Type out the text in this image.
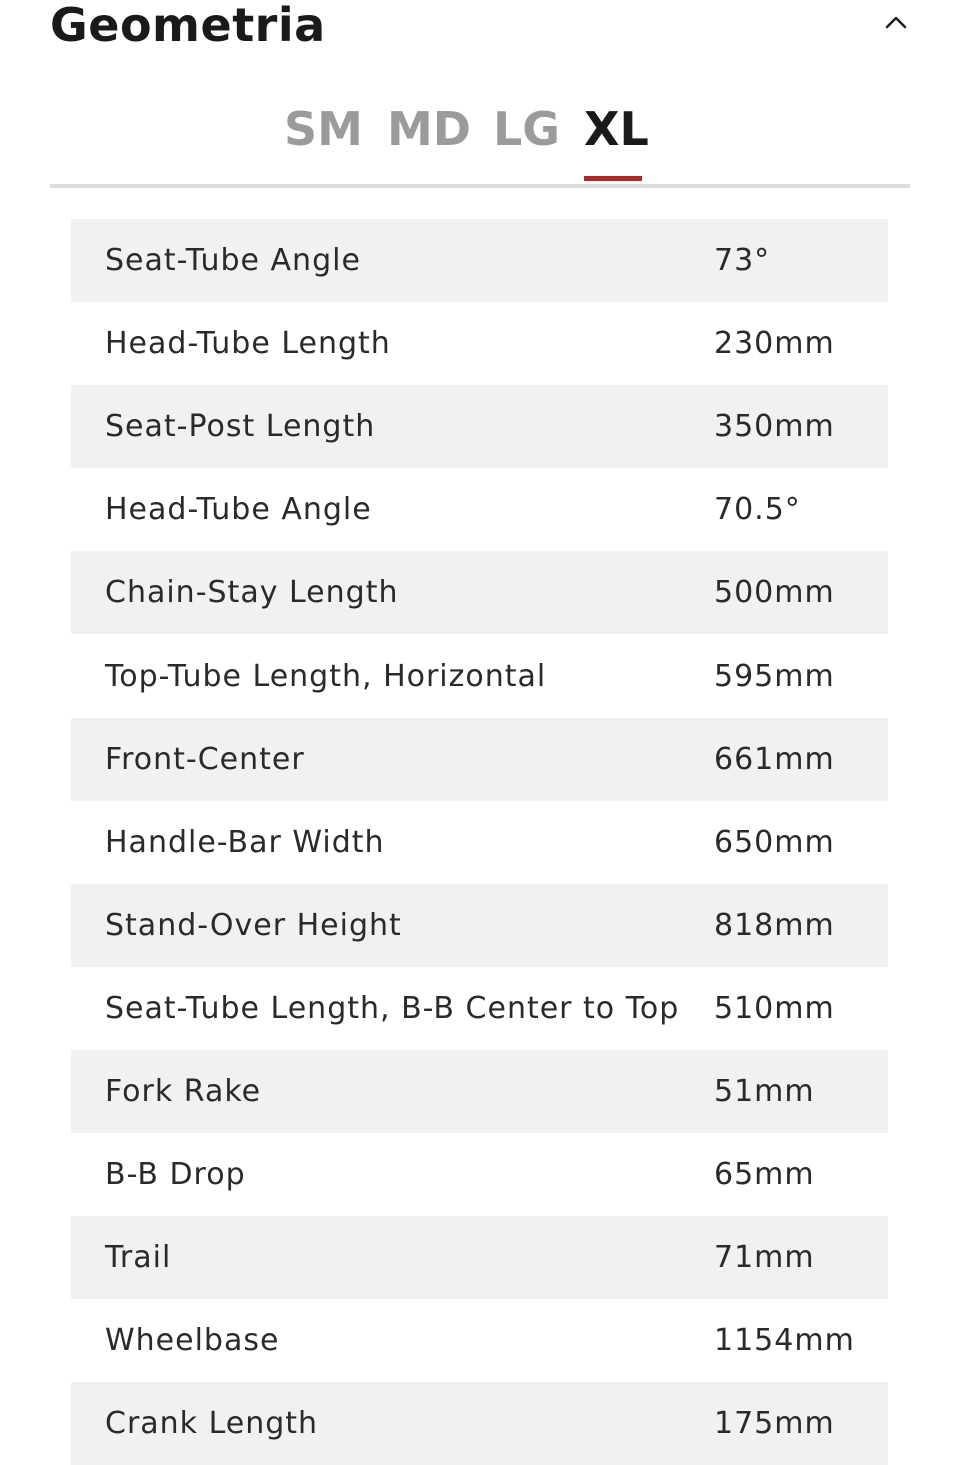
Geometria
SM MD LG XL
Seat-Tube Angle	73°
Head-Tube Length	230mm
Seat-Post Length	350mm
Head-Tube Angle	70.5°
Chain-Stay Length	500mm
Top-Tube Length, Horizontal	595mm
Front-Center	661mm
Handle-Bar Width	650mm
Stand-Over Height	818mm
Seat-Tube Length, B-B Center to Top 510mm
Fork Rake	51mm
B-B Drop	65mm
Trail	71mm
Wheelbase	1154mm
Crank Length	175mm
